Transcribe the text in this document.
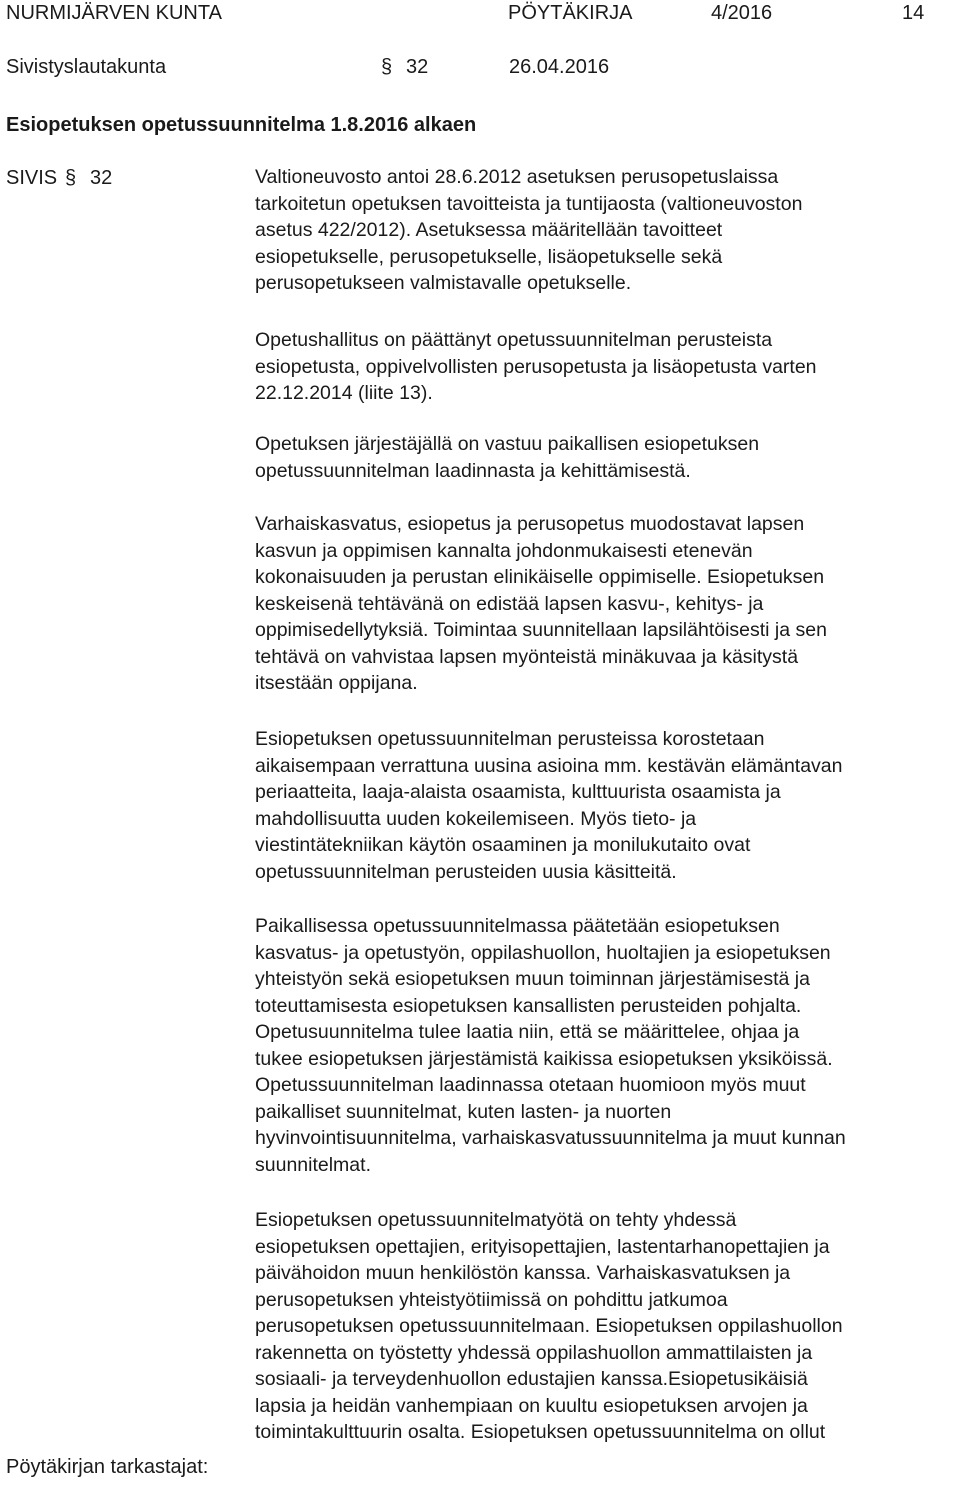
NURMIJÄRVEN KUNTA	PÖYTÄKIRJA	4/2016	14
Sivistyslautakunta	§ 32	26.04.2016
Esiopetuksen opetussuunnitelma 1.8.2016 alkaen
SIVIS § 32	Valtioneuvosto antoi 28.6.2012 asetuksen perusopetuslaissa
tarkoitetun opetuksen tavoitteista ja tuntijaosta (valtioneuvoston
asetus 422/2012). Asetuksessa määritellään tavoitteet
esiopetukselle, perusopetukselle, lisäopetukselle sekä
perusopetukseen valmistavalle opetukselle.

Opetushallitus on päättänyt opetussuunnitelman perusteista
esiopetusta, oppivelvollisten perusopetusta ja lisäopetusta varten
22.12.2014 (liite 13).

Opetuksen järjestäjällä on vastuu paikallisen esiopetuksen
opetussuunnitelman laadinnasta ja kehittämisestä.

Varhaiskasvatus, esiopetus ja perusopetus muodostavat lapsen
kasvun ja oppimisen kannalta johdonmukaisesti etenevän
kokonaisuuden ja perustan elinikäiselle oppimiselle. Esiopetuksen
keskeisenä tehtävänä on edistää lapsen kasvu-, kehitys- ja
oppimisedellytyksiä. Toimintaa suunnitellaan lapsilähtöisesti ja sen
tehtävä on vahvistaa lapsen myönteistä minäkuvaa ja käsitystä
itsestään oppijana.

Esiopetuksen opetussuunnitelman perusteissa korostetaan
aikaisempaan verrattuna uusina asioina mm. kestävän elämäntavan
periaatteita, laaja-alaista osaamista, kulttuurista osaamista ja
mahdollisuutta uuden kokeilemiseen. Myös tieto- ja
viestintätekniikan käytön osaaminen ja monilukutaito ovat
opetussuunnitelman perusteiden uusia käsitteitä.

Paikallisessa opetussuunnitelmassa päätetään esiopetuksen
kasvatus- ja opetustyön, oppilashuollon, huoltajien ja esiopetuksen
yhteistyön sekä esiopetuksen muun toiminnan järjestämisestä ja
toteuttamisesta esiopetuksen kansallisten perusteiden pohjalta.
Opetusuunnitelma tulee laatia niin, että se määrittelee, ohjaa ja
tukee esiopetuksen järjestämistä kaikissa esiopetuksen yksiköissä.
Opetussuunnitelman laadinnassa otetaan huomioon myös muut
paikalliset suunnitelmat, kuten lasten- ja nuorten
hyvinvointisuunnitelma, varhaiskasvatussuunnitelma ja muut kunnan
suunnitelmat.

Esiopetuksen opetussuunnitelmatyötä on tehty yhdessä
esiopetuksen opettajien, erityisopettajien, lastentarhanopettajien ja
päivähoidon muun henkilöstön kanssa. Varhaiskasvatuksen ja
perusopetuksen yhteistyötiimissä on pohdittu jatkumoa
perusopetuksen opetussuunnitelmaan. Esiopetuksen oppilashuollon
rakennetta on työstetty yhdessä oppilashuollon ammattilaisten ja
sosiaali- ja terveydenhuollon edustajien kanssa.Esiopetusikäisiä
lapsia ja heidän vanhempiaan on kuultu esiopetuksen arvojen ja
toimintakulttuurin osalta. Esiopetuksen opetussuunnitelma on ollut

Pöytäkirjan tarkastajat:
